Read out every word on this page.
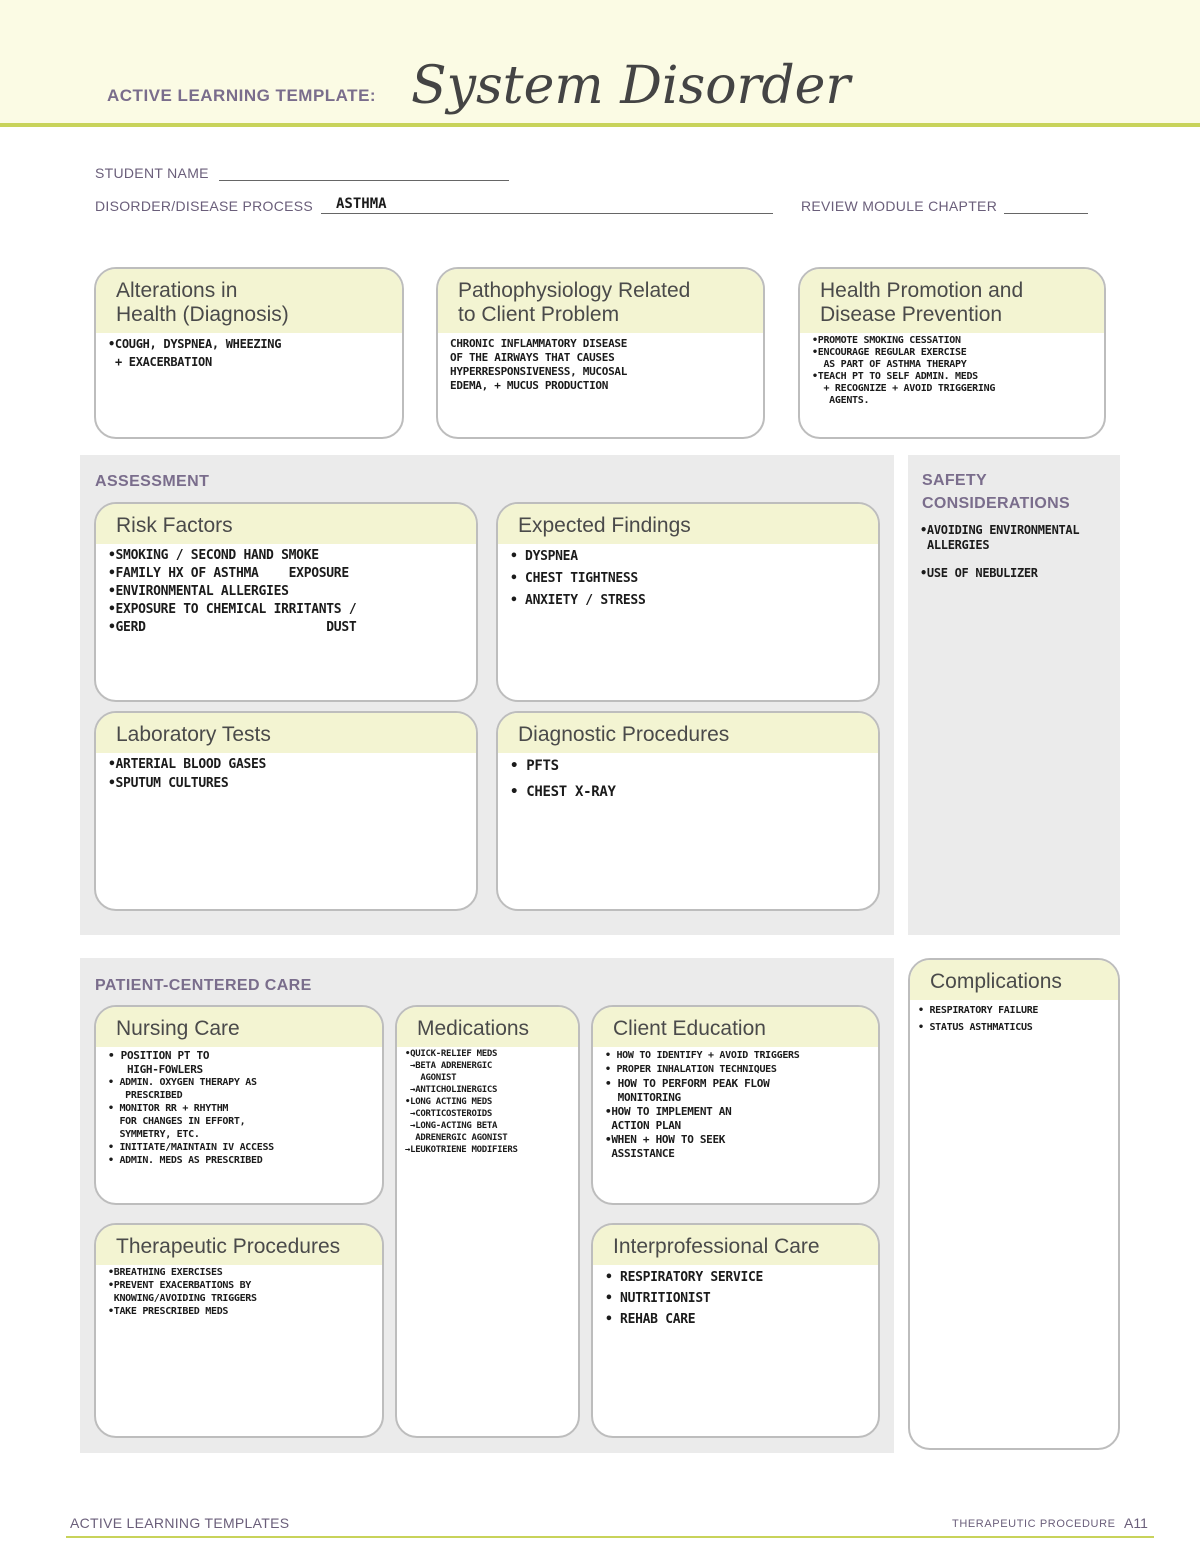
ACTIVE LEARNING TEMPLATE: System Disorder
STUDENT NAME
DISORDER/DISEASE PROCESS	ASTHMA	REVIEW MODULE CHAPTER
Alterations in
Health (Diagnosis)
•COUGH, DYSPNEA, WHEEZING
+ EXACERBATION
Pathophysiology Related
to Client Problem
CHRONIC INFLAMMATORY DISEASE
OF THE AIRWAYS THAT CAUSES
HYPERRESPONSIVENESS, MUCOSAL
EDEMA, + MUCUS PRODUCTION
Health Promotion and
Disease Prevention
•PROMOTE SMOKING CESSATION
•ENCOURAGE REGULAR EXERCISE
AS PART OF ASTHMA THERAPY
•TEACH PT TO SELF ADMIN. MEDS
+ RECOGNIZE + AVOID TRIGGERING
AGENTS.
ASSESSMENT
Risk Factors
•SMOKING / SECOND HAND SMOKE
•FAMILY HX OF ASTHMA    EXPOSURE
•ENVIRONMENTAL ALLERGIES
•EXPOSURE TO CHEMICAL IRRITANTS /
•GERD                        DUST
Expected Findings
• DYSPNEA
• CHEST TIGHTNESS
• ANXIETY / STRESS
Laboratory Tests
•ARTERIAL BLOOD GASES
•SPUTUM CULTURES
Diagnostic Procedures
• PFTS
• CHEST X-RAY
SAFETY
CONSIDERATIONS
•AVOIDING ENVIRONMENTAL
ALLERGIES
•USE OF NEBULIZER
PATIENT-CENTERED CARE
Nursing Care
• POSITION PT TO
HIGH-FOWLERS
• ADMIN. OXYGEN THERAPY AS
PRESCRIBED
• MONITOR RR + RHYTHM
FOR CHANGES IN EFFORT,
SYMMETRY, ETC.
• INITIATE/MAINTAIN IV ACCESS
• ADMIN. MEDS AS PRESCRIBED
Medications
•QUICK-RELIEF MEDS
→BETA ADRENERGIC
AGONIST
→ANTICHOLINERGICS
•LONG ACTING MEDS
→CORTICOSTEROIDS
→LONG-ACTING BETA
ADRENERGIC AGONIST
→LEUKOTRIENE MODIFIERS
Client Education
• HOW TO IDENTIFY + AVOID TRIGGERS
• PROPER INHALATION TECHNIQUES
• HOW TO PERFORM PEAK FLOW
MONITORING
•HOW TO IMPLEMENT AN
ACTION PLAN
•WHEN + HOW TO SEEK
ASSISTANCE
Therapeutic Procedures
•BREATHING EXERCISES
•PREVENT EXACERBATIONS BY
KNOWING/AVOIDING TRIGGERS
•TAKE PRESCRIBED MEDS
Interprofessional Care
• RESPIRATORY SERVICE
• NUTRITIONIST
• REHAB CARE
Complications
• RESPIRATORY FAILURE
• STATUS ASTHMATICUS
ACTIVE LEARNING TEMPLATES	THERAPEUTIC PROCEDURE A11
